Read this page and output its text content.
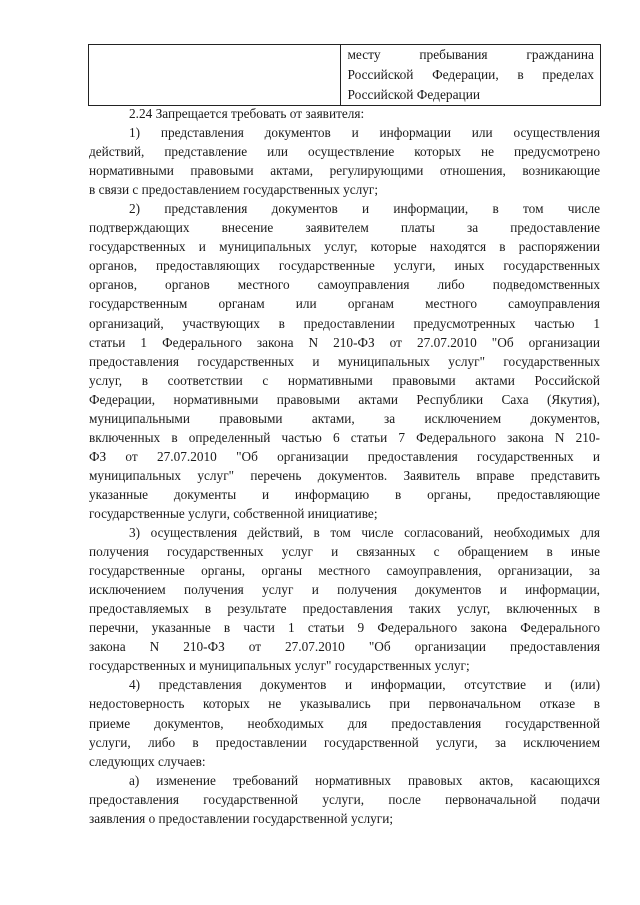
месту пребывания гражданина
Российской Федерации, в пределах
Российской Федерации
2.24 Запрещается требовать от заявителя:
1) представления документов и информации или осуществления
действий, представление или осуществление которых не предусмотрено
нормативными правовыми актами, регулирующими отношения, возникающие
в связи с предоставлением государственных услуг;
2) представления документов и информации, в том числе
подтверждающих внесение заявителем платы за предоставление
государственных и муниципальных услуг, которые находятся в распоряжении
органов, предоставляющих государственные услуги, иных государственных
органов, органов местного самоуправления либо подведомственных
государственным органам или органам местного самоуправления
организаций, участвующих в предоставлении предусмотренных частью 1
статьи 1 Федерального закона N 210-ФЗ от 27.07.2010 "Об организации
предоставления государственных и муниципальных услуг" государственных
услуг, в соответствии с нормативными правовыми актами Российской
Федерации, нормативными правовыми актами Республики Саха (Якутия),
муниципальными правовыми актами, за исключением документов,
включенных в определенный частью 6 статьи 7 Федерального закона N 210-
ФЗ от 27.07.2010 "Об организации предоставления государственных и
муниципальных услуг" перечень документов. Заявитель вправе представить
указанные документы и информацию в органы, предоставляющие
государственные услуги, собственной инициативе;
3) осуществления действий, в том числе согласований, необходимых для
получения государственных услуг и связанных с обращением в иные
государственные органы, органы местного самоуправления, организации, за
исключением получения услуг и получения документов и информации,
предоставляемых в результате предоставления таких услуг, включенных в
перечни, указанные в части 1 статьи 9 Федерального закона Федерального
закона N 210-ФЗ от 27.07.2010 "Об организации предоставления
государственных и муниципальных услуг" государственных услуг;
4) представления документов и информации, отсутствие и (или)
недостоверность которых не указывались при первоначальном отказе в
приеме документов, необходимых для предоставления государственной
услуги, либо в предоставлении государственной услуги, за исключением
следующих случаев:
а) изменение требований нормативных правовых актов, касающихся
предоставления государственной услуги, после первоначальной подачи
заявления о предоставлении государственной услуги;
